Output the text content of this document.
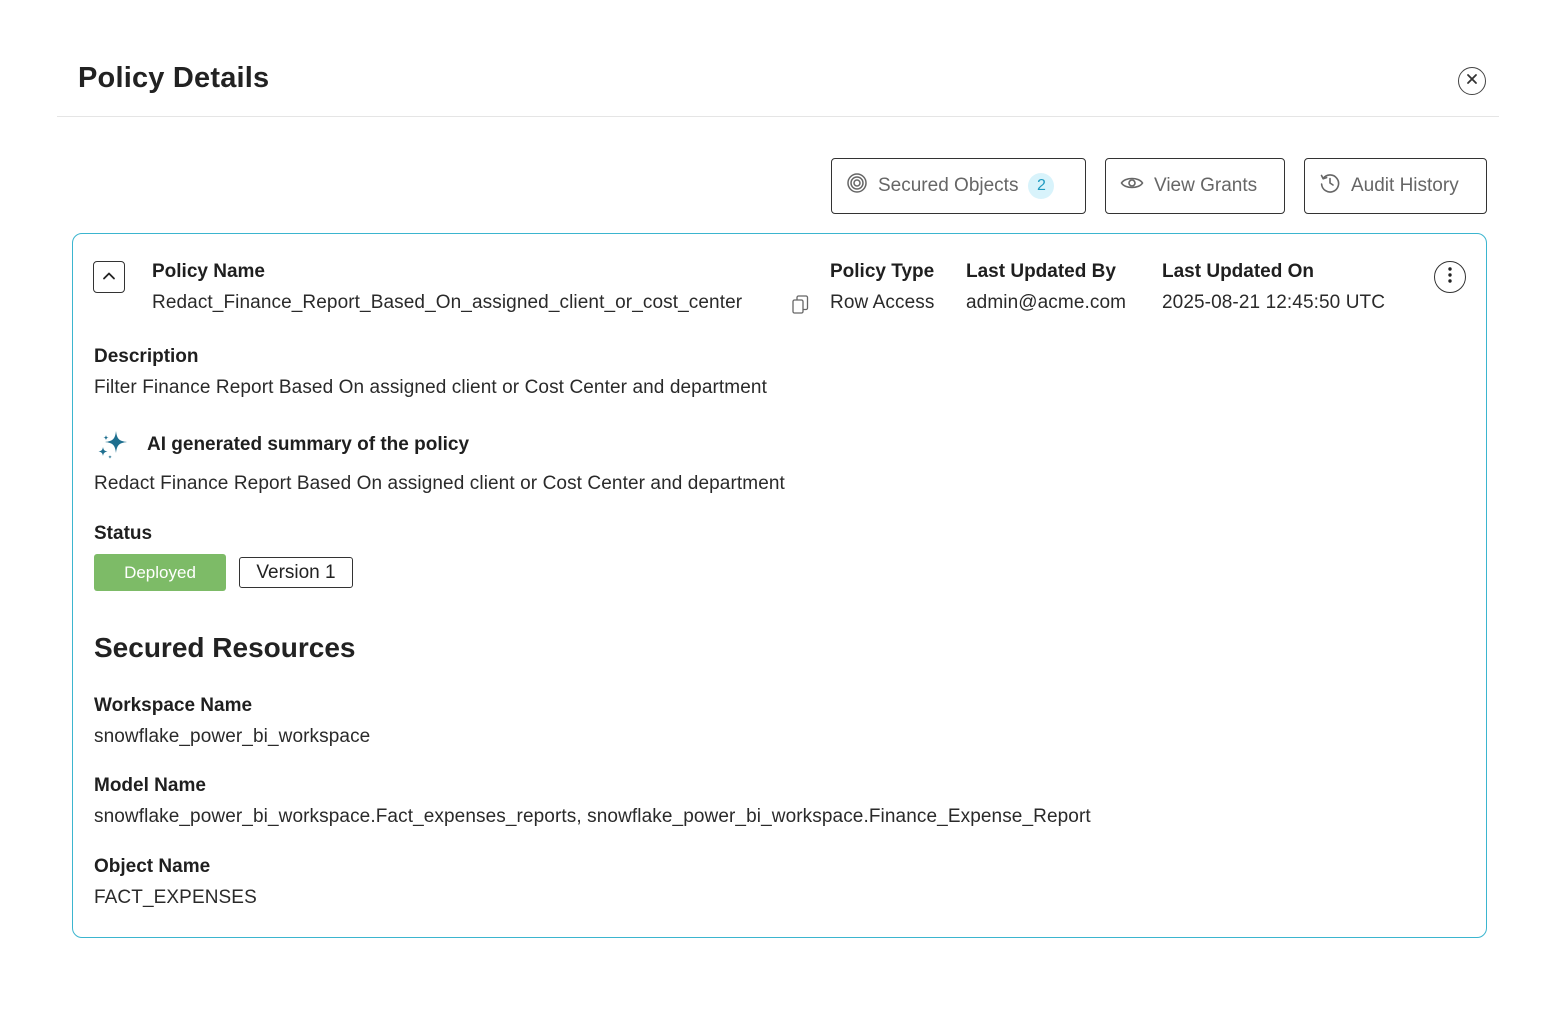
Policy Details
Secured Objects	2	View Grants	Audit History
Policy Name
Redact_Finance_Report_Based_On_assigned_client_or_cost_center
Policy Type
Row Access
Last Updated By
admin@acme.com
Last Updated On
2025-08-21 12:45:50 UTC
Description
Filter Finance Report Based On assigned client or Cost Center and department
AI generated summary of the policy
Redact Finance Report Based On assigned client or Cost Center and department
Status
Deployed	Version 1
Secured Resources
Workspace Name
snowflake_power_bi_workspace
Model Name
snowflake_power_bi_workspace.Fact_expenses_reports, snowflake_power_bi_workspace.Finance_Expense_Report
Object Name
FACT_EXPENSES
